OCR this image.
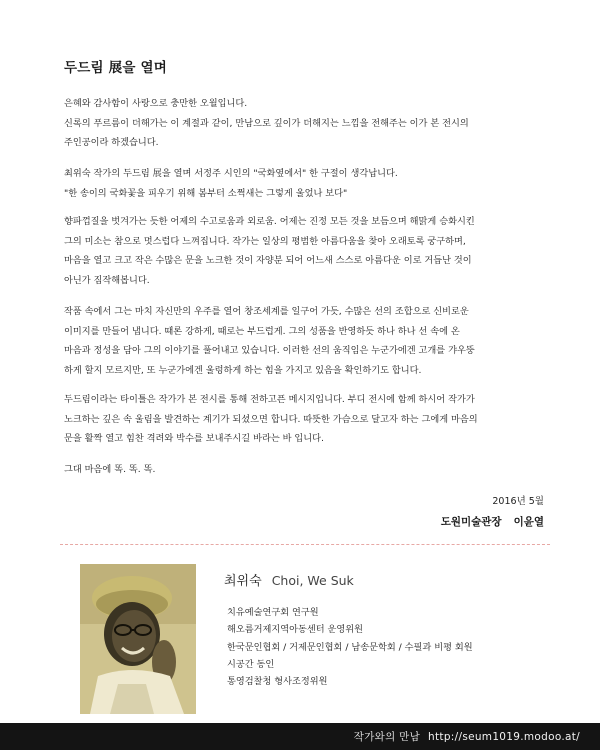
두드림 展을 열며
은혜와 감사함이 사랑으로 충만한 오월입니다.
신록의 푸르름이 더해가는 이 계절과 같이, 만남으로 깊이가 더해지는 느낌을 전해주는 이가 본 전시의
주인공이라 하겠습니다.
최위숙 작가의 두드림 展을 열며 서정주 시인의 "국화옆에서" 한 구절이 생각납니다.
"한 송이의 국화꽃을 피우기 위해 봄부터 소쩍새는 그렇게 울었나 보다"
향파껍질을 벗겨가는 듯한 어제의 수고로움과 외로움. 어제는 진정 모든 것을 보듬으며 해맑게 승화시킨
그의 미소는 참으로 멋스럽다 느껴집니다. 작가는 일상의 평범한 아름다움을 찾아 오래토록 궁구하며,
마음을 열고 크고 작은 수많은 문을 노크한 것이 자양분 되어 어느새 스스로 아름다운 이로 거듭난 것이
아닌가 짐작해봅니다.
작품 속에서 그는 마치 자신만의 우주를 열어 창조세계를 일구어 가듯, 수많은 선의 조합으로 신비로운
이미지를 만들어 냅니다. 때론 강하게, 때로는 부드럽게. 그의 성품을 반영하듯 하나 하나 선 속에 온
마음과 정성을 담아 그의 이야기를 풀어내고 있습니다. 이러한 선의 움직임은 누군가에겐 고개를 갸우뚱
하게 할지 모르지만, 또 누군가에겐 울렁하게 하는 힘을 가지고 있음을 확인하기도 합니다.
두드림이라는 타이틀은 작가가 본 전시를 통해 전하고픈 메시지입니다. 부디 전시에 함께 하시어 작가가
노크하는 깊은 속 울림을 발견하는 계기가 되셨으면 합니다. 따뜻한 가슴으로 달고자 하는 그에게 마음의
문을 활짝 열고 힘찬 격려와 박수를 보내주시길 바라는 바 입니다.
그대 마음에 똑. 똑. 똑.
2016년 5월
도원미술관장 이윤열
최위숙 Choi, We Suk
치유예술연구회 연구원
해오름거제지역아동센터 운영위원
한국문인협회 / 거제문인협회 / 남송문학회 / 수필과 비평 회원
시공간 동인
통영검찰청 형사조정위원
작가와의 만남 http://seum1019.modoo.at/
